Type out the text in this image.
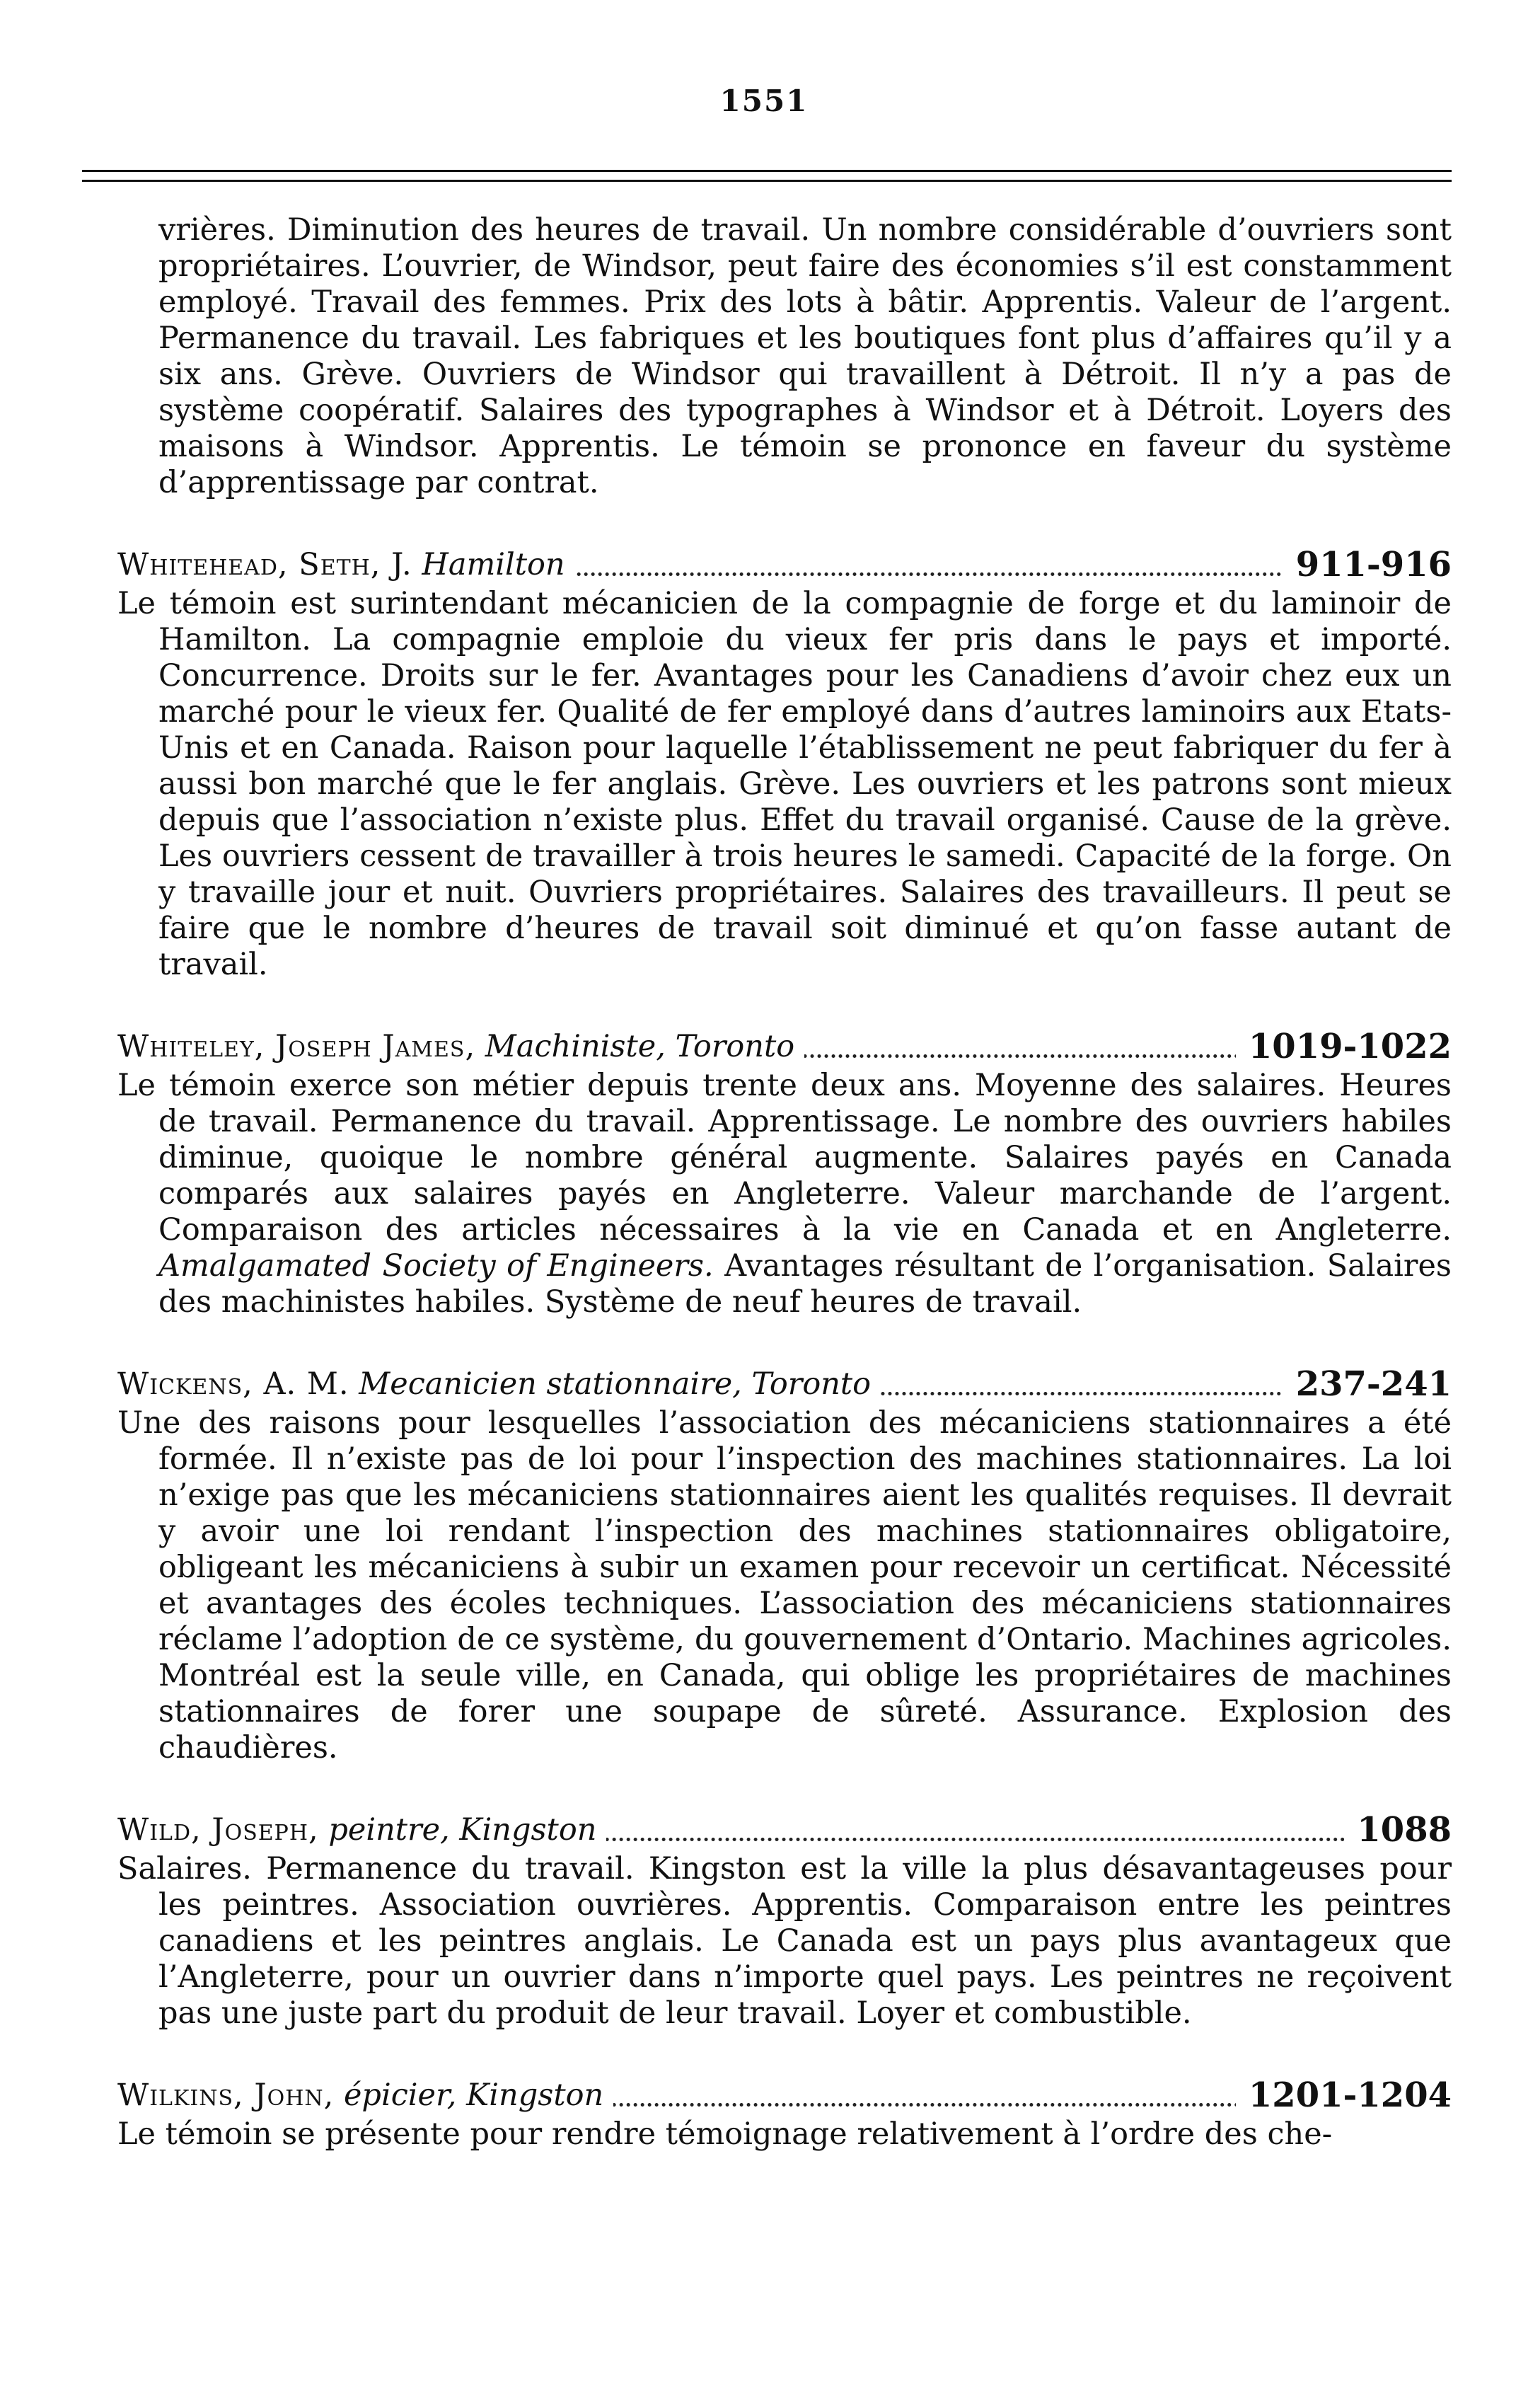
1551

vrières. Diminution des heures de travail. Un nombre considérable d’ouvriers sont propriétaires. L’ouvrier, de Windsor, peut faire des économies s’il est constamment employé. Travail des femmes. Prix des lots à bâtir. Apprentis. Valeur de l’argent. Permanence du travail. Les fabriques et les boutiques font plus d’affaires qu’il y a six ans. Grève. Ouvriers de Windsor qui travaillent à Détroit. Il n’y a pas de système coopératif. Salaires des typographes à Windsor et à Détroit. Loyers des maisons à Windsor. Apprentis. Le témoin se prononce en faveur du système d’apprentissage par contrat.

Whitehead, Seth, J. Hamilton	911-916

Le témoin est surintendant mécanicien de la compagnie de forge et du laminoir de Hamilton. La compagnie emploie du vieux fer pris dans le pays et importé. Concurrence. Droits sur le fer. Avantages pour les Canadiens d’avoir chez eux un marché pour le vieux fer. Qualité de fer employé dans d’autres laminoirs aux Etats-Unis et en Canada. Raison pour laquelle l’établissement ne peut fabriquer du fer à aussi bon marché que le fer anglais. Grève. Les ouvriers et les patrons sont mieux depuis que l’association n’existe plus. Effet du travail organisé. Cause de la grève. Les ouvriers cessent de travailler à trois heures le samedi. Capacité de la forge. On y travaille jour et nuit. Ouvriers propriétaires. Salaires des travailleurs. Il peut se faire que le nombre d’heures de travail soit diminué et qu’on fasse autant de travail.

Whiteley, Joseph James, Machiniste, Toronto	1019-1022

Le témoin exerce son métier depuis trente deux ans. Moyenne des salaires. Heures de travail. Permanence du travail. Apprentissage. Le nombre des ouvriers habiles diminue, quoique le nombre général augmente. Salaires payés en Canada comparés aux salaires payés en Angleterre. Valeur marchande de l’argent. Comparaison des articles nécessaires à la vie en Canada et en Angleterre. Amalgamated Society of Engineers. Avantages résultant de l’organisation. Salaires des machinistes habiles. Système de neuf heures de travail.

Wickens, A. M. Mecanicien stationnaire, Toronto	237-241

Une des raisons pour lesquelles l’association des mécaniciens stationnaires a été formée. Il n’existe pas de loi pour l’inspection des machines stationnaires. La loi n’exige pas que les mécaniciens stationnaires aient les qualités requises. Il devrait y avoir une loi rendant l’inspection des machines stationnaires obligatoire, obligeant les mécaniciens à subir un examen pour recevoir un certificat. Nécessité et avantages des écoles techniques. L’association des mécaniciens stationnaires réclame l’adoption de ce système, du gouvernement d’Ontario. Machines agricoles. Montréal est la seule ville, en Canada, qui oblige les propriétaires de machines stationnaires de forer une soupape de sûreté. Assurance. Explosion des chaudières.

Wild, Joseph, peintre, Kingston	1088

Salaires. Permanence du travail. Kingston est la ville la plus désavantageuses pour les peintres. Association ouvrières. Apprentis. Comparaison entre les peintres canadiens et les peintres anglais. Le Canada est un pays plus avantageux que l’Angleterre, pour un ouvrier dans n’importe quel pays. Les peintres ne reçoivent pas une juste part du produit de leur travail. Loyer et combustible.

Wilkins, John, épicier, Kingston	1201-1204

Le témoin se présente pour rendre témoignage relativement à l’ordre des che-
